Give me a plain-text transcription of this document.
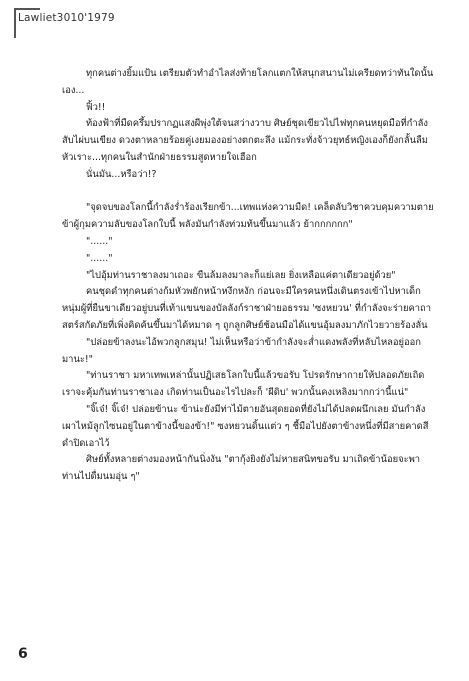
Lawliet3010'1979

ทุกคนต่างยิ้มแป้น เตรียมตัวทำอำไลส่งท้ายโลกแตกให้สนุกสนานไม่เครียดทว่าทันใดนั้นเอง...

ฟิ้ว!!

ท้องฟ้าที่มืดครึ้มปรากฏแสงผีพุ่งใต้จนสว่างวาบ ศิษย์ชุดเขียวไปไฟทุกคนหยุดมือที่กำลังสับไผ่บนเขียง ดวงตาหลายร้อยคู่เงยมองอย่างตกตะลึง แม้กระทั่งจ้าวยุทธ์หญิงเองก็ยังกลั้นลืมหัวเราะ...ทุกคนในสำนักฝ่ายธรรมสูดหายใจเฮือก

นั่นมัน...หรือว่า!?

"จุดจบของโลกนี้กำลังร่ำร้องเรียกข้า...เทพแห่งความมืด! เคล็ดลับวิชาควบคุมความตาย ข้าผู้กุมความลับของโลกใบนี้ พลังมันกำลังท่วมท้นขึ้นมาแล้ว ย้ากกกกกก"

"......"

"......"

"ไปอุ้มท่านราชาลงมาเถอะ ขืนล้มลงมาละก็แย่เลย ยิ่งเหลือแค่ตาเดียวอยู่ด้วย"

คนชุดดำทุกคนต่างก้มหัวพยักหน้าหงึกหงัก ก่อนจะมีใครคนหนึ่งเดินตรงเข้าไปหาเด็กหนุ่มผู้ที่ยืนขาเดียวอยู่บนที่เท้าแขนของบัลลังก์ราชาฝ่ายอธรรม 'ซงหยวน' ที่กำลังจะร่ายคาถาสตร์สกัดภัยที่เพิ่งคิดค้นขึ้นมาได้หมาด ๆ ถูกลูกศิษย์ช้อนมือได้แขนอุ้มลงมาภักไวยวายร้องลั่น

"ปล่อยข้าลงนะไอ้พวกลูกสมุน! ไม่เห็นหรือว่าข้ากำลังจะส่ำแดงพลังที่หลับไหลอยู่ออกมานะ!"

"ท่านราชา มหาเทพเหล่านั้นปฏิเสธโลกใบนี้แล้วขอรับ โปรดรักษากายให้ปลอดภัยเถิด เราจะคุ้มกันท่านราชาเอง เกิดท่านเป็นอะไรไปละก็ 'ผีดิบ' พวกนั้นคงเหลิงมากกว่านี้แน่"

"จิ๊เจ๋! จิ๊เจ๋! ปล่อยข้านะ ข้าน่ะยังมีท่าไม้ตายอันสุดยอดที่ยังไม่ได้ปลดผนึกเลย มันกำลังเผาไหม้ลูกไซนอยู่ในตาข้างนี้ของข้า!" ซงหยวนดิ้นแต่ว ๆ ชี้มือไปยังตาข้างหนึ่งที่มีสายคาดสีดำปิดเอาไว้

ศิษย์ทั้งหลายต่างมองหน้ากันนิ่งงัน "ตากุ้งยิงยังไม่หายสนิทขอรับ มาเถิดข้าน้อยจะพาท่านไปดื่มนมอุ่น ๆ"

6
